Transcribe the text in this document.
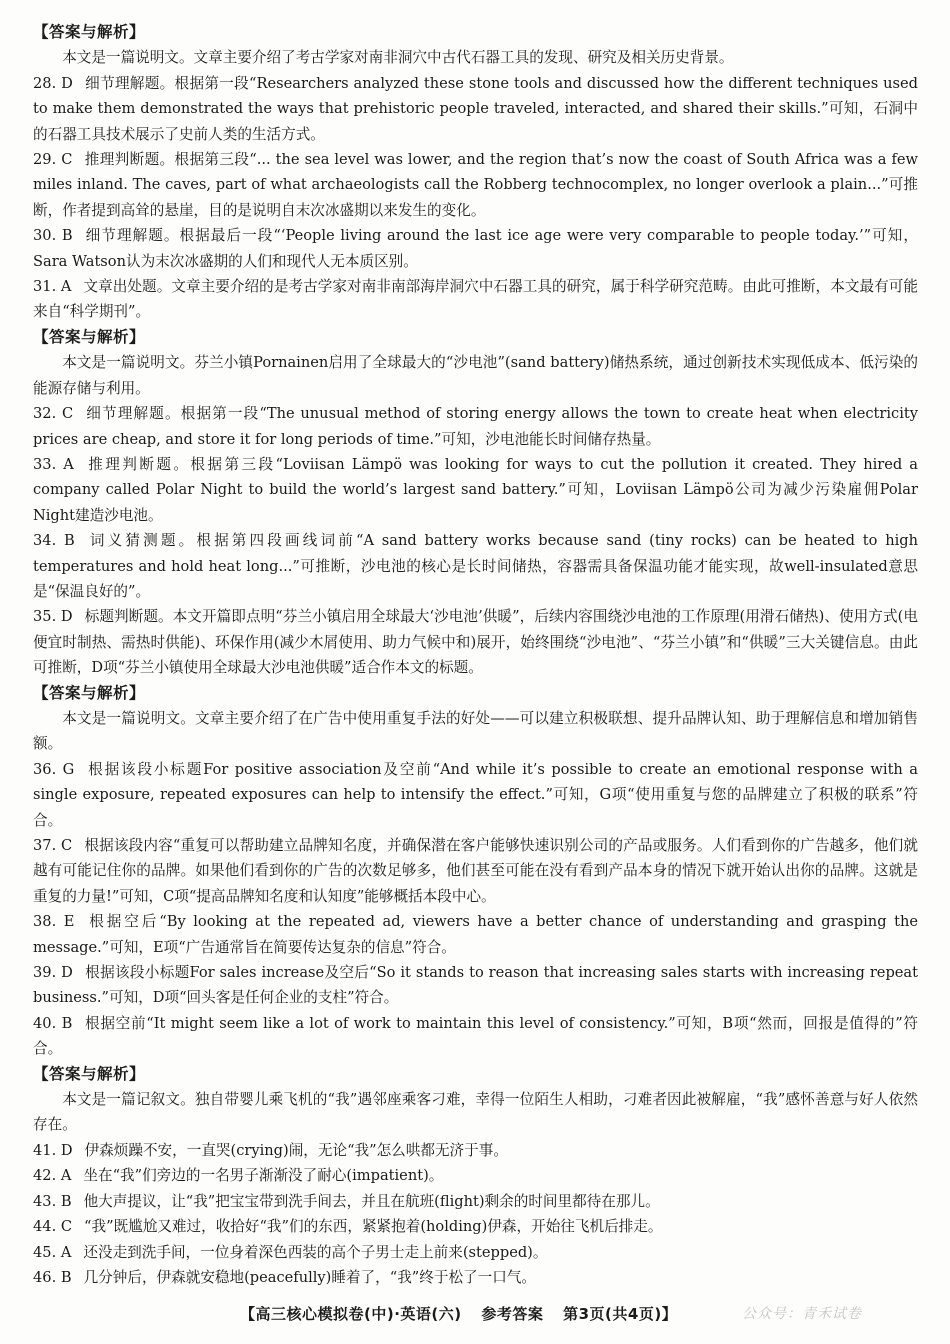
【答案与解析】
本文是一篇说明文。文章主要介绍了考古学家对南非洞穴中古代石器工具的发现、研究及相关历史背景。
28. D 细节理解题。根据第一段“Researchers analyzed these stone tools and discussed how the different techniques used to make them demonstrated the ways that prehistoric people traveled, interacted, and shared their skills.”可知，石洞中的石器工具技术展示了史前人类的生活方式。
29. C 推理判断题。根据第三段“... the sea level was lower, and the region that’s now the coast of South Africa was a few miles inland. The caves, part of what archaeologists call the Robberg technocomplex, no longer overlook a plain...”可推断，作者提到高耸的悬崖，目的是说明自末次冰盛期以来发生的变化。
30. B 细节理解题。根据最后一段“‘People living around the last ice age were very comparable to people today.’”可知，Sara Watson认为末次冰盛期的人们和现代人无本质区别。
31. A 文章出处题。文章主要介绍的是考古学家对南非南部海岸洞穴中石器工具的研究，属于科学研究范畴。由此可推断，本文最有可能来自“科学期刊”。
【答案与解析】
本文是一篇说明文。芬兰小镇Pornainen启用了全球最大的“沙电池”(sand battery)储热系统，通过创新技术实现低成本、低污染的能源存储与利用。
32. C 细节理解题。根据第一段“The unusual method of storing energy allows the town to create heat when electricity prices are cheap, and store it for long periods of time.”可知，沙电池能长时间储存热量。
33. A 推理判断题。根据第三段“Loviisan Lämpö was looking for ways to cut the pollution it created. They hired a company called Polar Night to build the world’s largest sand battery.”可知，Loviisan Lämpö公司为减少污染雇佣Polar Night建造沙电池。
34. B 词义猜测题。根据第四段画线词前“A sand battery works because sand (tiny rocks) can be heated to high temperatures and hold heat long...”可推断，沙电池的核心是长时间储热，容器需具备保温功能才能实现，故well-insulated意思是“保温良好的”。
35. D 标题判断题。本文开篇即点明“芬兰小镇启用全球最大‘沙电池’供暖”，后续内容围绕沙电池的工作原理(用滑石储热)、使用方式(电便宜时制热、需热时供能)、环保作用(减少木屑使用、助力气候中和)展开，始终围绕“沙电池”、“芬兰小镇”和“供暖”三大关键信息。由此可推断，D项“芬兰小镇使用全球最大沙电池供暖”适合作本文的标题。
【答案与解析】
本文是一篇说明文。文章主要介绍了在广告中使用重复手法的好处——可以建立积极联想、提升品牌认知、助于理解信息和增加销售额。
36. G 根据该段小标题For positive association及空前“And while it’s possible to create an emotional response with a single exposure, repeated exposures can help to intensify the effect.”可知，G项“使用重复与您的品牌建立了积极的联系”符合。
37. C 根据该段内容“重复可以帮助建立品牌知名度，并确保潜在客户能够快速识别公司的产品或服务。人们看到你的广告越多，他们就越有可能记住你的品牌。如果他们看到你的广告的次数足够多，他们甚至可能在没有看到产品本身的情况下就开始认出你的品牌。这就是重复的力量!”可知，C项“提高品牌知名度和认知度”能够概括本段中心。
38. E 根据空后“By looking at the repeated ad, viewers have a better chance of understanding and grasping the message.”可知，E项“广告通常旨在简要传达复杂的信息”符合。
39. D 根据该段小标题For sales increase及空后“So it stands to reason that increasing sales starts with increasing repeat business.”可知，D项“回头客是任何企业的支柱”符合。
40. B 根据空前“It might seem like a lot of work to maintain this level of consistency.”可知，B项“然而，回报是值得的”符合。
【答案与解析】
本文是一篇记叙文。独自带婴儿乘飞机的“我”遇邻座乘客刁难，幸得一位陌生人相助，刁难者因此被解雇，“我”感怀善意与好人依然存在。
41. D 伊森烦躁不安，一直哭(crying)闹，无论“我”怎么哄都无济于事。
42. A 坐在“我”们旁边的一名男子渐渐没了耐心(impatient)。
43. B 他大声提议，让“我”把宝宝带到洗手间去，并且在航班(flight)剩余的时间里都待在那儿。
44. C “我”既尴尬又难过，收拾好“我”们的东西，紧紧抱着(holding)伊森，开始往飞机后排走。
45. A 还没走到洗手间，一位身着深色西装的高个子男士走上前来(stepped)。
46. B 几分钟后，伊森就安稳地(peacefully)睡着了，“我”终于松了一口气。
【高三核心模拟卷(中)·英语(六) 参考答案 第3页(共4页)】	公众号：青禾试卷
